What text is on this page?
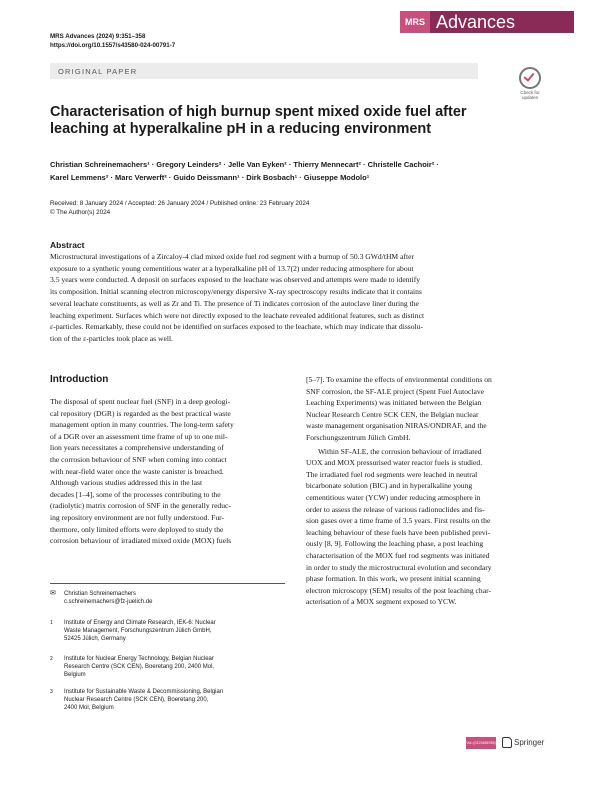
MRS Advances
MRS Advances (2024) 9:351–358
https://doi.org/10.1557/s43580-024-00791-7
ORIGINAL PAPER
Check for updates
Characterisation of high burnup spent mixed oxide fuel after leaching at hyperalkaline pH in a reducing environment
Christian Schreinemachers¹ · Gregory Leinders² · Jelle Van Eyken² · Thierry Mennecart² · Christelle Cachoir² ·
Karel Lemmens² · Marc Verwerft² · Guido Deissmann¹ · Dirk Bosbach¹ · Giuseppe Modolo¹
Received: 8 January 2024 / Accepted: 26 January 2024 / Published online: 23 February 2024
© The Author(s) 2024
Abstract
Microstructural investigations of a Zircaloy-4 clad mixed oxide fuel rod segment with a burnup of 50.3 GWd/tHM after
exposure to a synthetic young cementitious water at a hyperalkaline pH of 13.7(2) under reducing atmosphere for about
3.5 years were conducted. A deposit on surfaces exposed to the leachate was observed and attempts were made to identify
its composition. Initial scanning electron microscopy/energy dispersive X-ray spectroscopy results indicate that it contains
several leachate constituents, as well as Zr and Ti. The presence of Ti indicates corrosion of the autoclave liner during the
leaching experiment. Surfaces which were not directly exposed to the leachate revealed additional features, such as distinct
ε-particles. Remarkably, these could not be identified on surfaces exposed to the leachate, which may indicate that dissolu-
tion of the ε-particles took place as well.
Introduction
The disposal of spent nuclear fuel (SNF) in a deep geologi-
cal repository (DGR) is regarded as the best practical waste
management option in many countries. The long-term safety
of a DGR over an assessment time frame of up to one mil-
lion years necessitates a comprehensive understanding of
the corrosion behaviour of SNF when coming into contact
with near-field water once the waste canister is breached.
Although various studies addressed this in the last
decades [1–4], some of the processes contributing to the
(radiolytic) matrix corrosion of SNF in the generally reduc-
ing repository environment are not fully understood. Fur-
thermore, only limited efforts were deployed to study the
corrosion behaviour of irradiated mixed oxide (MOX) fuels
[5–7]. To examine the effects of environmental conditions on
SNF corrosion, the SF-ALE project (Spent Fuel Autoclave
Leaching Experiments) was initiated between the Belgian
Nuclear Research Centre SCK CEN, the Belgian nuclear
waste management organisation NIRAS/ONDRAF, and the
Forschungszentrum Jülich GmbH.
Within SF-ALE, the corrosion behaviour of irradiated
UOX and MOX pressurised water reactor fuels is studied.
The irradiated fuel rod segments were leached in neutral
bicarbonate solution (BIC) and in hyperalkaline young
cementitious water (YCW) under reducing atmosphere in
order to assess the release of various radionuclides and fis-
sion gases over a time frame of 3.5 years. First results on the
leaching behaviour of these fuels have been published previ-
ously [8, 9]. Following the leaching phase, a post leaching
characterisation of the MOX fuel rod segments was initiated
in order to study the microstructural evolution and secondary
phase formation. In this work, we present initial scanning
electron microscopy (SEM) results of the post leaching char-
acterisation of a MOX segment exposed to YCW.
✉ Christian Schreinemachers
c.schreinemachers@fz-juelich.de
1 Institute of Energy and Climate Research, IEK-6: Nuclear
Waste Management, Forschungszentrum Jülich GmbH,
52425 Jülich, Germany
2 Institute for Nuclear Energy Technology, Belgian Nuclear
Research Centre (SCK CEN), Boeretang 200, 2400 Mol,
Belgium
3 Institute for Sustainable Waste & Decommissioning, Belgian
Nuclear Research Centre (SCK CEN), Boeretang 200,
2400 Mol, Belgium
Vol.:(0123456789)	Springer
